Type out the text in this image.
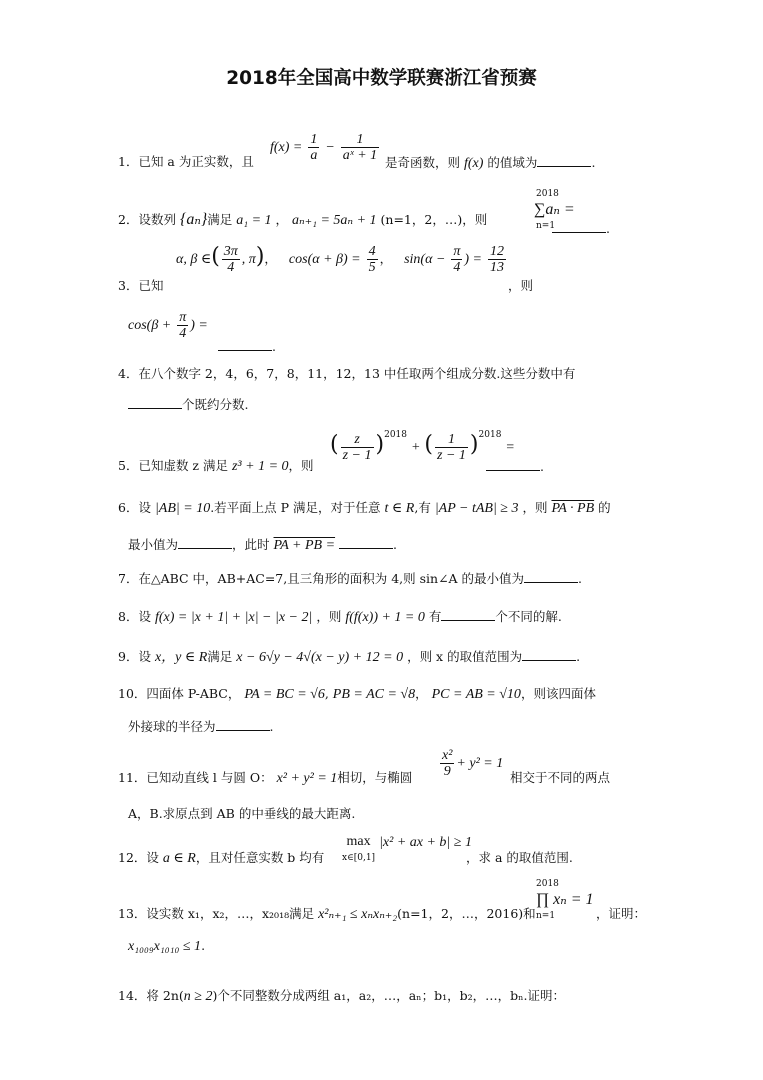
2018年全国高中数学联赛浙江省预赛
$f(x) = \frac{1}{a} - \frac{1}{\text{aˣ + 1}}$
1．已知 a 为正实数，且	是奇函数，则 f(x) 的值域为	.
2．设数列 {aₙ}满足 a₁ = 1 ， aₙ₊₁ = 5aₙ + 1 (n=1，2，…)，则
2018
∑aₙ =
n=1	.
α, β ∈( $\frac{3\pi}{4}$ , π)， $\cos(\alpha + \beta) = \frac{4}{5}$ ， $\sin(\alpha - \frac{\pi}{4}$ ) = $\frac{12}{13}$
3．已知	，则
$\cos(\beta + \frac{\pi}{4}$ ) =
.
4．在八个数字 2，4，6，7，8，11，12，13 中任取两个组成分数.这些分数中有
个既约分数.
( $\frac{z}{z - 1} )^{2018}$ + ( $\frac{1}{z - 1} )^{2018}$ =
5．已知虚数 z 满足 z³ + 1 = 0，则	.
6．设 |AB| = 10.若平面上点 P 满足，对于任意 t ∈ R,有 |AP − tAB| ≥ 3 ，则 PA · PB 的
最小值为	，此时 PA + PB =	.
7．在△ABC 中，AB+AC=7,且三角形的面积为 4,则 sin∠A 的最小值为	.
8．设 f(x) = |x + 1| + |x| − |x − 2| ，则 f(f(x)) + 1 = 0 有	个不同的解.
9．设 x，y ∈ R满足 x − 6√y − 4√(x − y) + 12 = 0 ，则 x 的取值范围为	.
10．四面体 P-ABC， PA = BC = √6, PB = AC = √8， PC = AB = √10，则该四面体
外接球的半径为	.
$\frac{\text{x²}}{9} + y^2 = 1$
11．已知动直线 l 与圆 O： x² + y² = 1相切，与椭圆	相交于不同的两点
A，B.求原点到 AB 的中垂线的最大距离.
max
x∈[0,1]
|x² + ax + b| ≥ 1
12．设 a ∈ R，且对任意实数 b 均有	，求 a 的取值范围.
2018
∏ xₙ = 1
n=1
13．设实数 x₁，x₂，…，x₂₀₁₈满足 x²ₙ₊₁ ≤ xₙxₙ₊₂(n=1，2，…，2016)和	，证明：
x₁₀₀₉x₁₀₁₀ ≤ 1.
14．将 2n(n ≥ 2)个不同整数分成两组 a₁，a₂，…，aₙ；b₁，b₂，…，bₙ.证明：
